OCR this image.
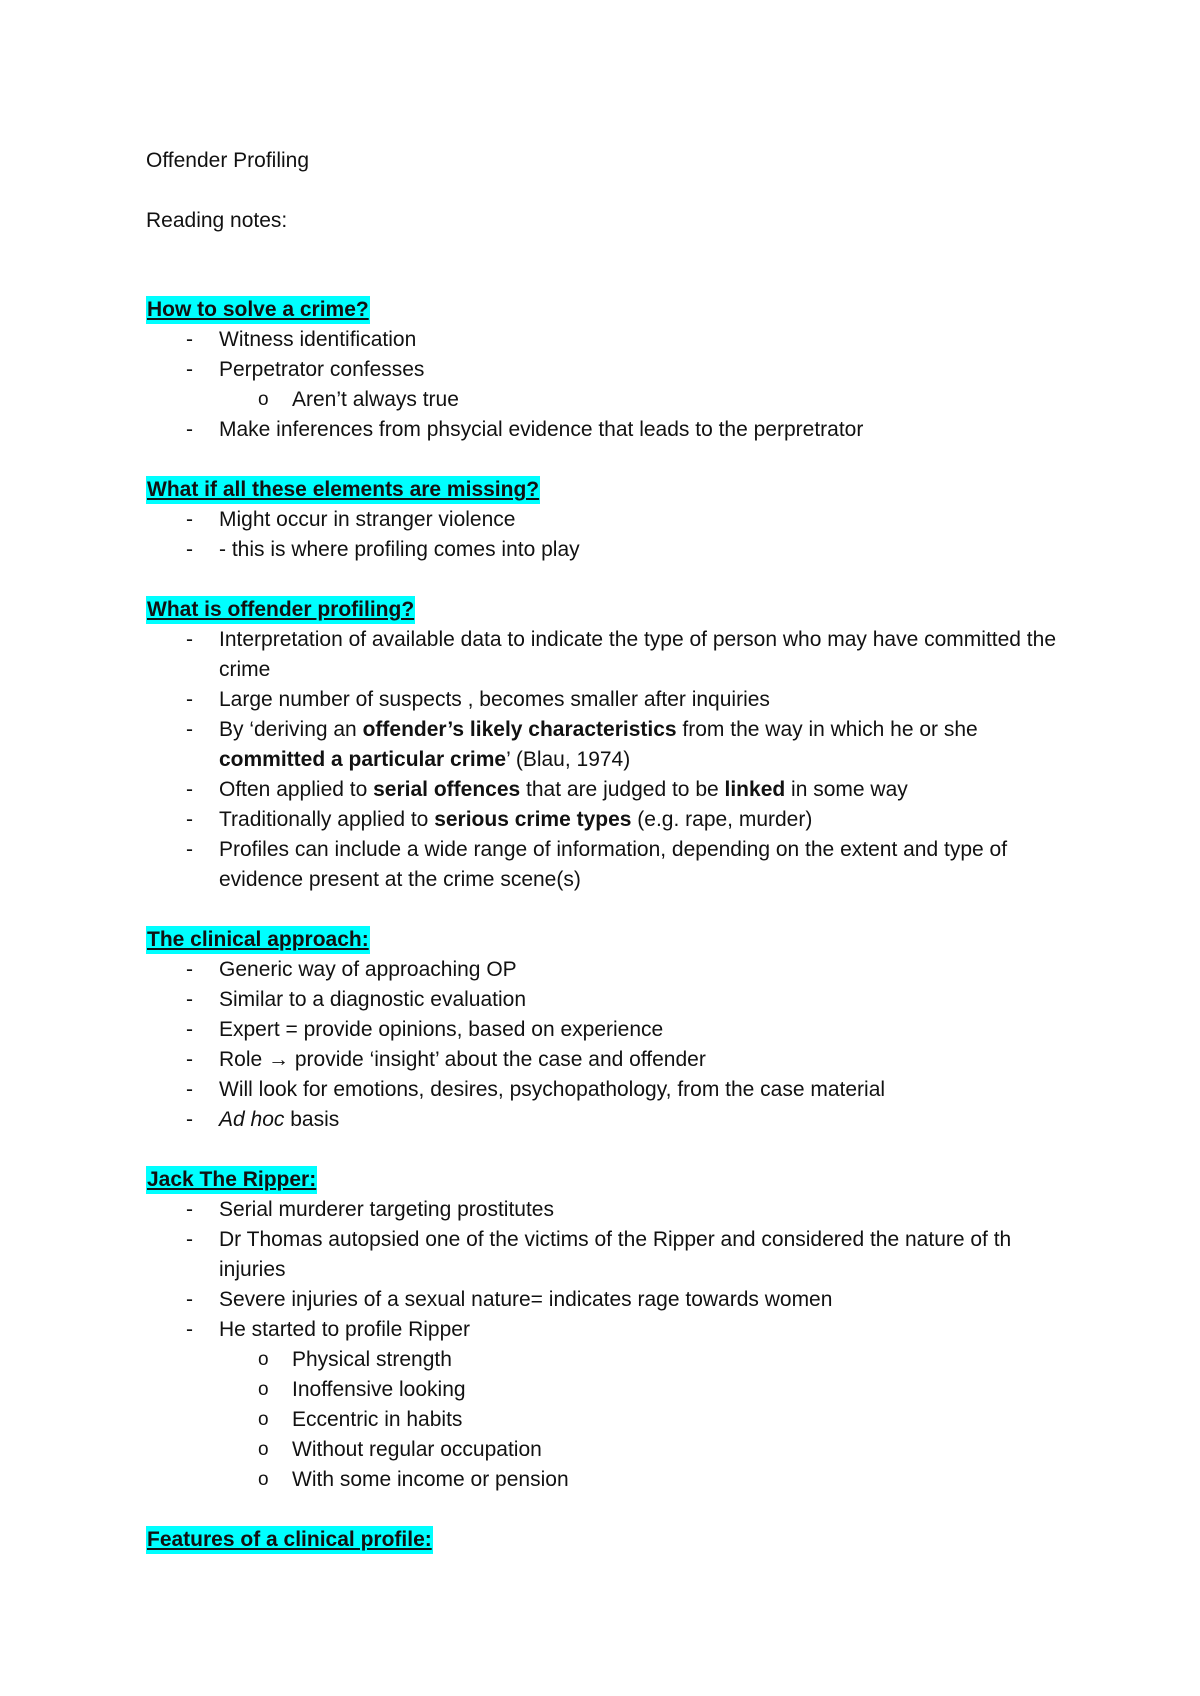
Offender Profiling

Reading notes:

How to solve a crime?
- Witness identification
- Perpetrator confesses
o Aren’t always true
- Make inferences from phsycial evidence that leads to the perpretrator
What if all these elements are missing?
- Might occur in stranger violence
- - this is where profiling comes into play
What is offender profiling?
- Interpretation of available data to indicate the type of person who may have committed the crime
- Large number of suspects , becomes smaller after inquiries
- By ‘deriving an offender’s likely characteristics from the way in which he or she committed a particular crime’ (Blau, 1974)
- Often applied to serial offences that are judged to be linked in some way
- Traditionally applied to serious crime types (e.g. rape, murder)
- Profiles can include a wide range of information, depending on the extent and type of evidence present at the crime scene(s)
The clinical approach:
- Generic way of approaching OP
- Similar to a diagnostic evaluation
- Expert = provide opinions, based on experience
- Role → provide ‘insight’ about the case and offender
- Will look for emotions, desires, psychopathology, from the case material
- Ad hoc basis
Jack The Ripper:
- Serial murderer targeting prostitutes
- Dr Thomas autopsied one of the victims of the Ripper and considered the nature of th injuries
- Severe injuries of a sexual nature= indicates rage towards women
- He started to profile Ripper
o Physical strength
o Inoffensive looking
o Eccentric in habits
o Without regular occupation
o With some income or pension
Features of a clinical profile:
